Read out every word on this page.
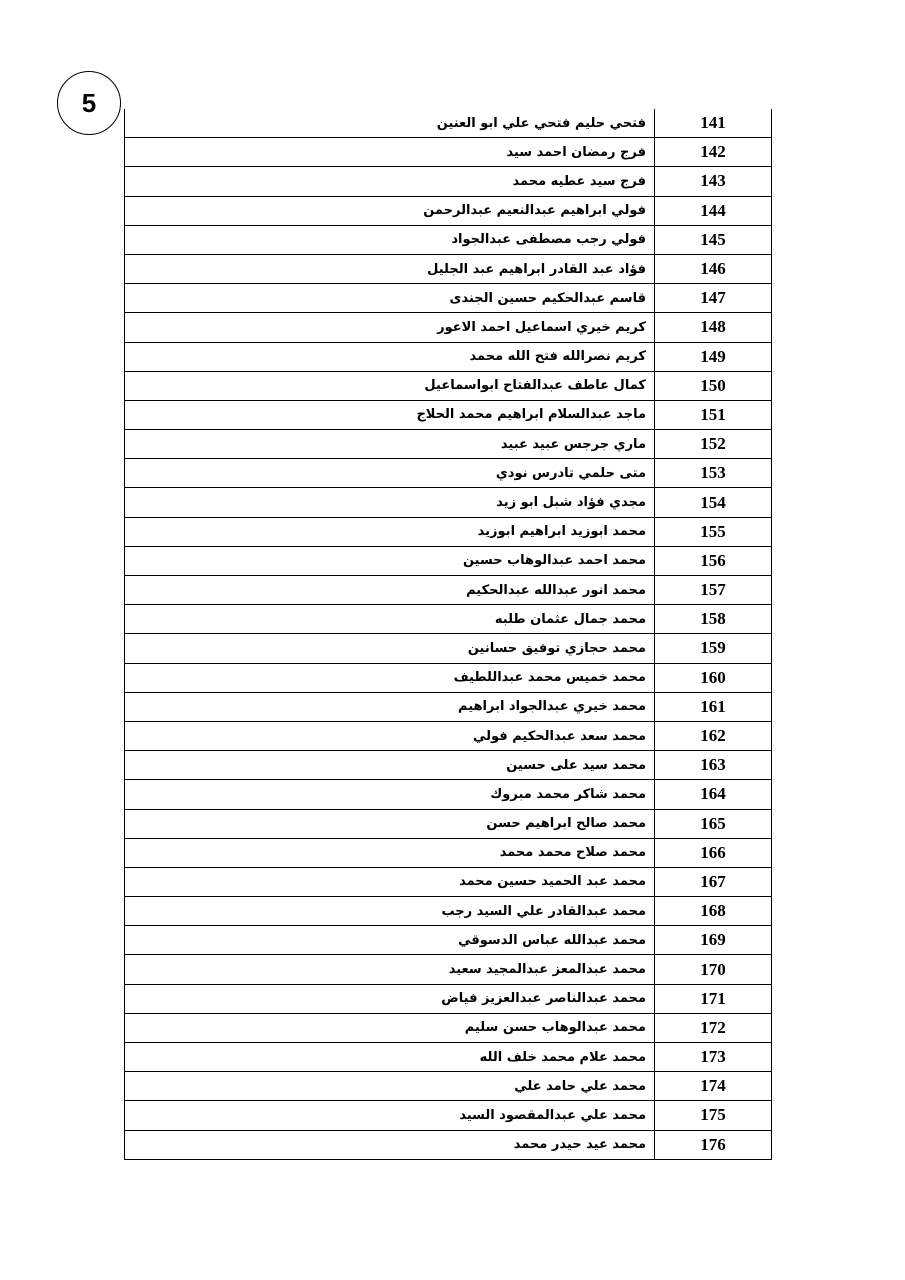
5
فتحي حليم فتحي علي ابو العنين	141
فرج رمضان احمد سيد	142
فرج سيد عطيه محمد	143
فولي ابراهيم عبدالنعيم عبدالرحمن	144
فولي رجب مصطفى عبدالجواد	145
فؤاد عبد القادر ابراهيم عبد الجليل	146
قاسم عبدالحكيم حسين الجندى	147
كريم خيري اسماعيل احمد الاعور	148
كريم نصرالله فتح الله محمد	149
كمال عاطف عبدالفتاح ابواسماعيل	150
ماجد عبدالسلام ابراهيم محمد الحلاج	151
ماري جرجس عبيد عبيد	152
متى حلمي تادرس نودي	153
مجدي فؤاد شبل ابو زيد	154
محمد ابوزيد ابراهيم ابوزيد	155
محمد احمد عبدالوهاب حسين	156
محمد انور عبدالله عبدالحكيم	157
محمد جمال عثمان طلبه	158
محمد حجازي توفيق حسانين	159
محمد خميس محمد عبداللطيف	160
محمد خيري عبدالجواد ابراهيم	161
محمد سعد عبدالحكيم فولي	162
محمد سيد على حسين	163
محمد شاكر محمد مبروك	164
محمد صالح ابراهيم حسن	165
محمد صلاح محمد محمد	166
محمد عبد الحميد حسين محمد	167
محمد عبدالقادر علي السيد رجب	168
محمد عبدالله عباس الدسوقي	169
محمد عبدالمعز عبدالمجيد سعيد	170
محمد عبدالناصر عبدالعزيز فياض	171
محمد عبدالوهاب حسن سليم	172
محمد علام محمد خلف الله	173
محمد علي حامد علي	174
محمد علي عبدالمقصود السيد	175
محمد عيد حيدر محمد	176
